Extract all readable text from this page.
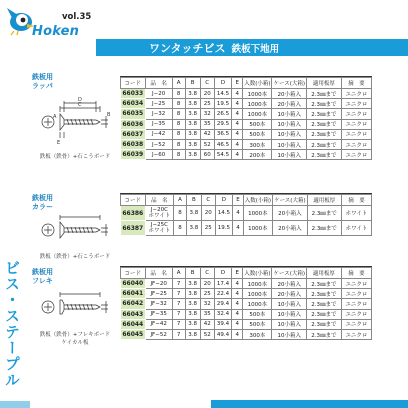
vol.35
Hoken
ワンタッチビス 鉄板下地用
ビス・ステープル
鉄板用
ラッパ
C
D
B
E
A
鉄板（鉄骨）+石こうボード
コード	品　名	A	B	C	D	E	入数(小箱)	ケース(大箱)	適用板厚	摘　要
66033	J−20	8	3.8	20	14.5	4	1000本	20小箱入	2.3㎜まで	ユニクロ
66034	J−25	8	3.8	25	19.5	4	1000本	20小箱入	2.3㎜まで	ユニクロ
66035	J−32	8	3.8	32	26.5	4	1000本	10小箱入	2.3㎜まで	ユニクロ
66036	J−35	8	3.8	35	29.5	4	500本	10小箱入	2.3㎜まで	ユニクロ
66037	J−42	8	3.8	42	36.5	4	500本	10小箱入	2.3㎜まで	ユニクロ
66038	J−52	8	3.8	52	46.5	4	300本	10小箱入	2.3㎜まで	ユニクロ
66039	J−60	8	3.8	60	54.5	4	200本	10小箱入	2.3㎜まで	ユニクロ
鉄板用
カラー
鉄板（鉄骨）+石こうボード
コード	品　名	A	B	C	D	E	入数(小箱)	ケース(大箱)	適用板厚	摘　要
66386	J−20C
ホワイト	8	3.8	20	14.5	4	1000本	20小箱入	2.3㎜まで	ホワイト
66387	J−25C
ホワイト	8	3.8	25	19.5	4	1000本	20小箱入	2.3㎜まで	ホワイト
鉄板用
フレキ
鉄板（鉄骨）+フレキボード
ケイカル板
コード	品　名	A	B	C	D	E	入数(小箱)	ケース(大箱)	適用板厚	摘　要
66040	JF−20	7	3.8	20	17.4	4	1000本	20小箱入	2.3㎜まで	ユニクロ
66041	JF−25	7	3.8	25	22.4	4	1000本	20小箱入	2.3㎜まで	ユニクロ
66042	JF−32	7	3.8	32	29.4	4	1000本	10小箱入	2.3㎜まで	ユニクロ
66043	JF−35	7	3.8	35	32.4	4	500本	10小箱入	2.3㎜まで	ユニクロ
66044	JF−42	7	3.8	42	39.4	4	500本	10小箱入	2.3㎜まで	ユニクロ
66045	JF−52	7	3.8	52	49.4	4	300本	10小箱入	2.3㎜まで	ユニクロ
